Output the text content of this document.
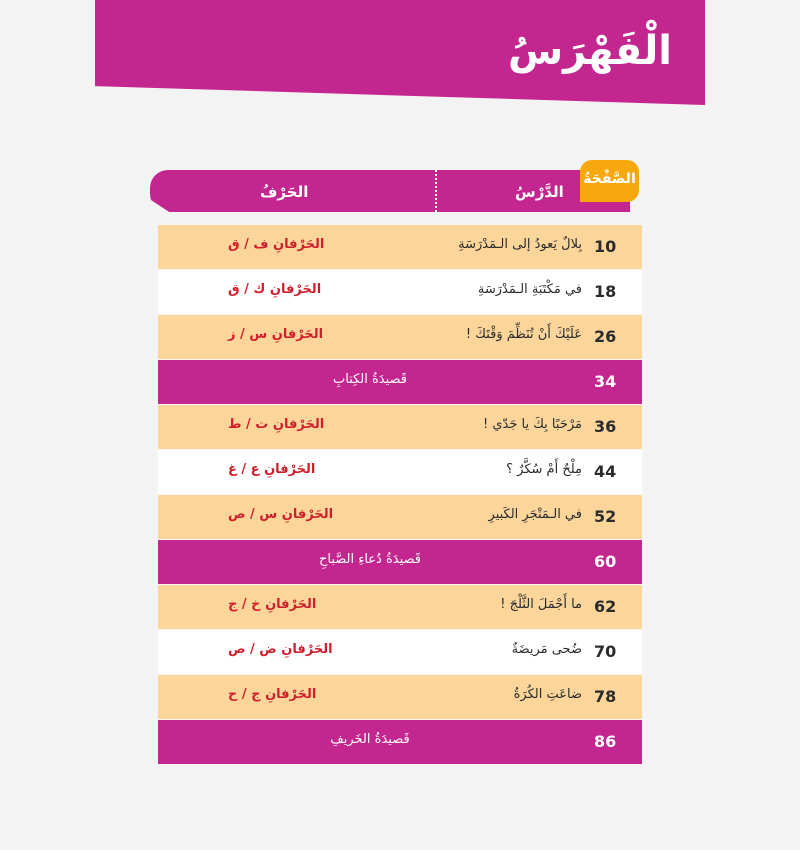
الْفَهْرَسُ
الدَّرْسُ
الحَرْفُ
الصَّفْحَةُ
10
بِلالٌ يَعودُ إلى الـمَدْرَسَةِ
الحَرْفانِ ف / ق
18
في مَكْتَبَةِ الـمَدْرَسَةِ
الحَرْفانِ ك / ق
26
عَلَيْكَ أَنْ تُنَظِّمَ وَقْتَكَ !
الحَرْفانِ س / ز
34
قَصيدَةُ الكِتابِ
36
مَرْحَبًا بِكَ يا جَدّي !
الحَرْفانِ ت / ط
44
مِلْحٌ أَمْ سُكَّرٌ ؟
الحَرْفانِ ع / غ
52
في الـمَتْجَرِ الكَبيرِ
الحَرْفانِ س / ص
60
قَصيدَةُ دُعاءِ الصَّباحِ
62
ما أَجْمَلَ الثَّلْجَ !
الحَرْفانِ خ / ج
70
ضُحى مَريضَةٌ
الحَرْفانِ ض / ص
78
ضاعَتِ الكُرَةُ
الحَرْفانِ ج / ح
86
قَصيدَةُ الخَريفِ
